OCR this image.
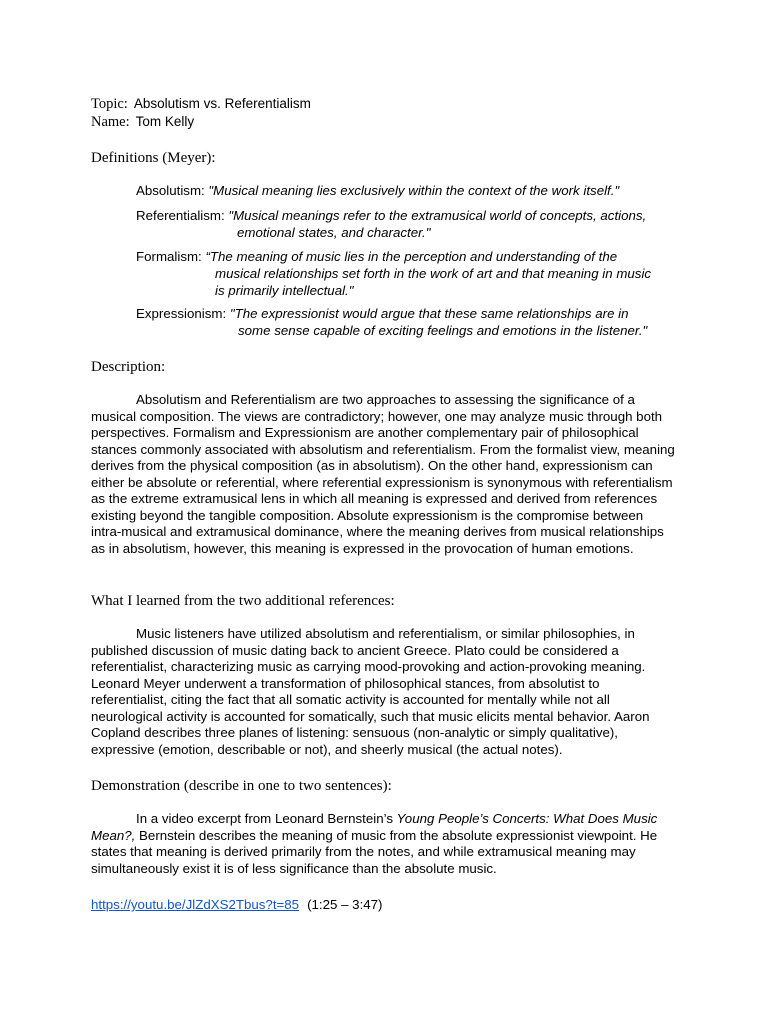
Topic: Absolutism vs. Referentialism
Name: Tom Kelly
Definitions (Meyer):
Absolutism: "Musical meaning lies exclusively within the context of the work itself."
Referentialism: "Musical meanings refer to the extramusical world of concepts, actions,
emotional states, and character."
Formalism: “The meaning of music lies in the perception and understanding of the
musical relationships set forth in the work of art and that meaning in music
is primarily intellectual."
Expressionism: "The expressionist would argue that these same relationships are in
some sense capable of exciting feelings and emotions in the listener."
Description:
Absolutism and Referentialism are two approaches to assessing the significance of a musical composition. The views are contradictory; however, one may analyze music through both perspectives. Formalism and Expressionism are another complementary pair of philosophical stances commonly associated with absolutism and referentialism. From the formalist view, meaning derives from the physical composition (as in absolutism). On the other hand, expressionism can either be absolute or referential, where referential expressionism is synonymous with referentialism as the extreme extramusical lens in which all meaning is expressed and derived from references existing beyond the tangible composition. Absolute expressionism is the compromise between intra-musical and extramusical dominance, where the meaning derives from musical relationships as in absolutism, however, this meaning is expressed in the provocation of human emotions.
What I learned from the two additional references:
Music listeners have utilized absolutism and referentialism, or similar philosophies, in published discussion of music dating back to ancient Greece. Plato could be considered a referentialist, characterizing music as carrying mood-provoking and action-provoking meaning. Leonard Meyer underwent a transformation of philosophical stances, from absolutist to referentialist, citing the fact that all somatic activity is accounted for mentally while not all neurological activity is accounted for somatically, such that music elicits mental behavior. Aaron Copland describes three planes of listening: sensuous (non-analytic or simply qualitative), expressive (emotion, describable or not), and sheerly musical (the actual notes).
Demonstration (describe in one to two sentences):
In a video excerpt from Leonard Bernstein’s Young People’s Concerts: What Does Music Mean?, Bernstein describes the meaning of music from the absolute expressionist viewpoint. He states that meaning is derived primarily from the notes, and while extramusical meaning may simultaneously exist it is of less significance than the absolute music.
https://youtu.be/JlZdXS2Tbus?t=85 (1:25 – 3:47)
